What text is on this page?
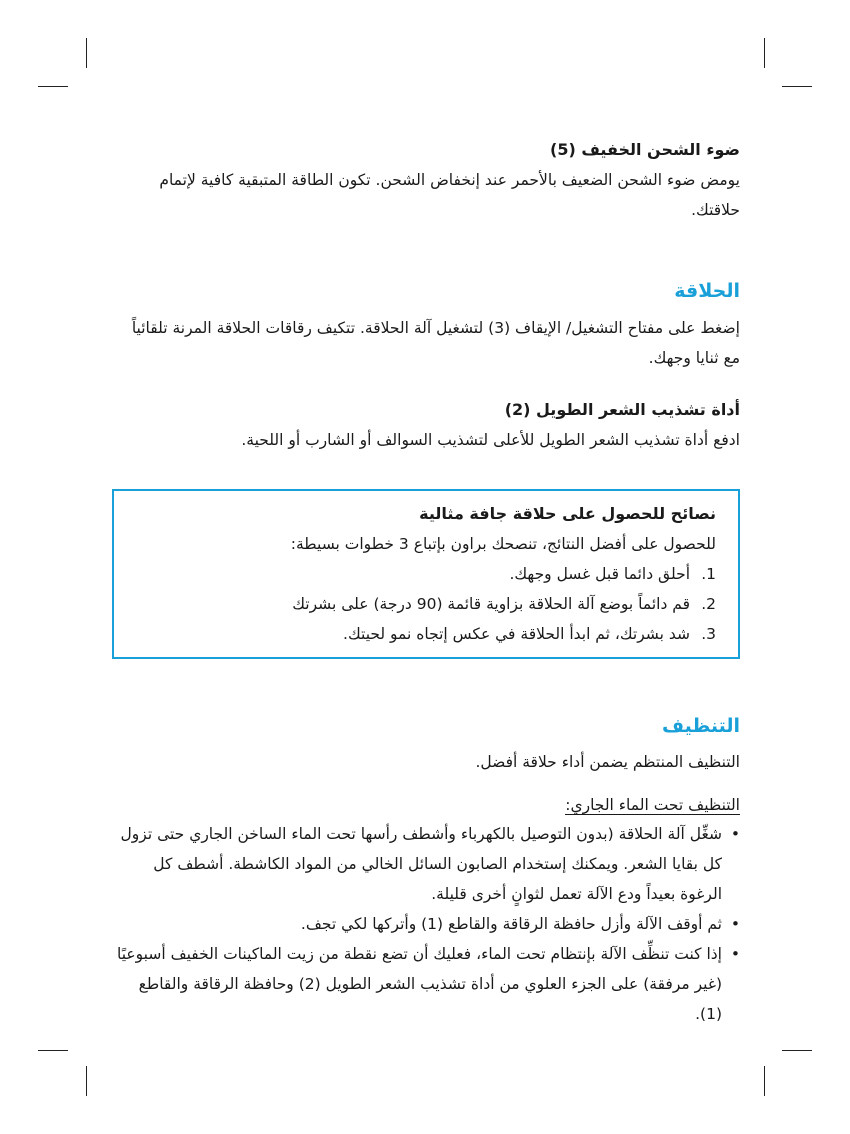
ضوء الشحن الخفيف (5)

يومض ضوء الشحن الضعيف بالأحمر عند إنخفاض الشحن. تكون الطاقة المتبقية كافية لإتمام حلاقتك.

الحلاقة

إضغط على مفتاح التشغيل/ الإيقاف (3) لتشغيل آلة الحلاقة. تتكيف رقاقات الحلاقة المرنة تلقائياً مع ثنايا وجهك.

أداة تشذيب الشعر الطويل (2)

ادفع أداة تشذيب الشعر الطويل للأعلى لتشذيب السوالف أو الشارب أو اللحية.

نصائح للحصول على حلاقة جافة مثالية

للحصول على أفضل النتائج، تنصحك براون بإتباع 3 خطوات بسيطة:

1.أحلق دائما قبل غسل وجهك.
2.قم دائماً بوضع آلة الحلاقة بزاوية قائمة (90 درجة) على بشرتك
3.شد بشرتك، ثم ابدأ الحلاقة في عكس إتجاه نمو لحيتك.
التنظيف

التنظيف المنتظم يضمن أداء حلاقة أفضل.

التنظيف تحت الماء الجاري:

•
شغِّل آلة الحلاقة (بدون التوصيل بالكهرباء وأشطف رأسها تحت الماء الساخن الجاري حتى تزول كل بقايا الشعر. ويمكنك إستخدام الصابون السائل الخالي من المواد الكاشطة. أشطف كل الرغوة بعيداً ودع الآلة تعمل لثوانٍ أخرى قليلة.
•
ثم أوقف الآلة وأزل حافظة الرقاقة والقاطع (1) وأتركها لكي تجف.
•
إذا كنت تنظِّف الآلة بإنتظام تحت الماء، فعليك أن تضع نقطة من زيت الماكينات الخفيف أسبوعيًا (غير مرفقة) على الجزء العلوي من أداة تشذيب الشعر الطويل (2) وحافظة الرقاقة والقاطع (1).
